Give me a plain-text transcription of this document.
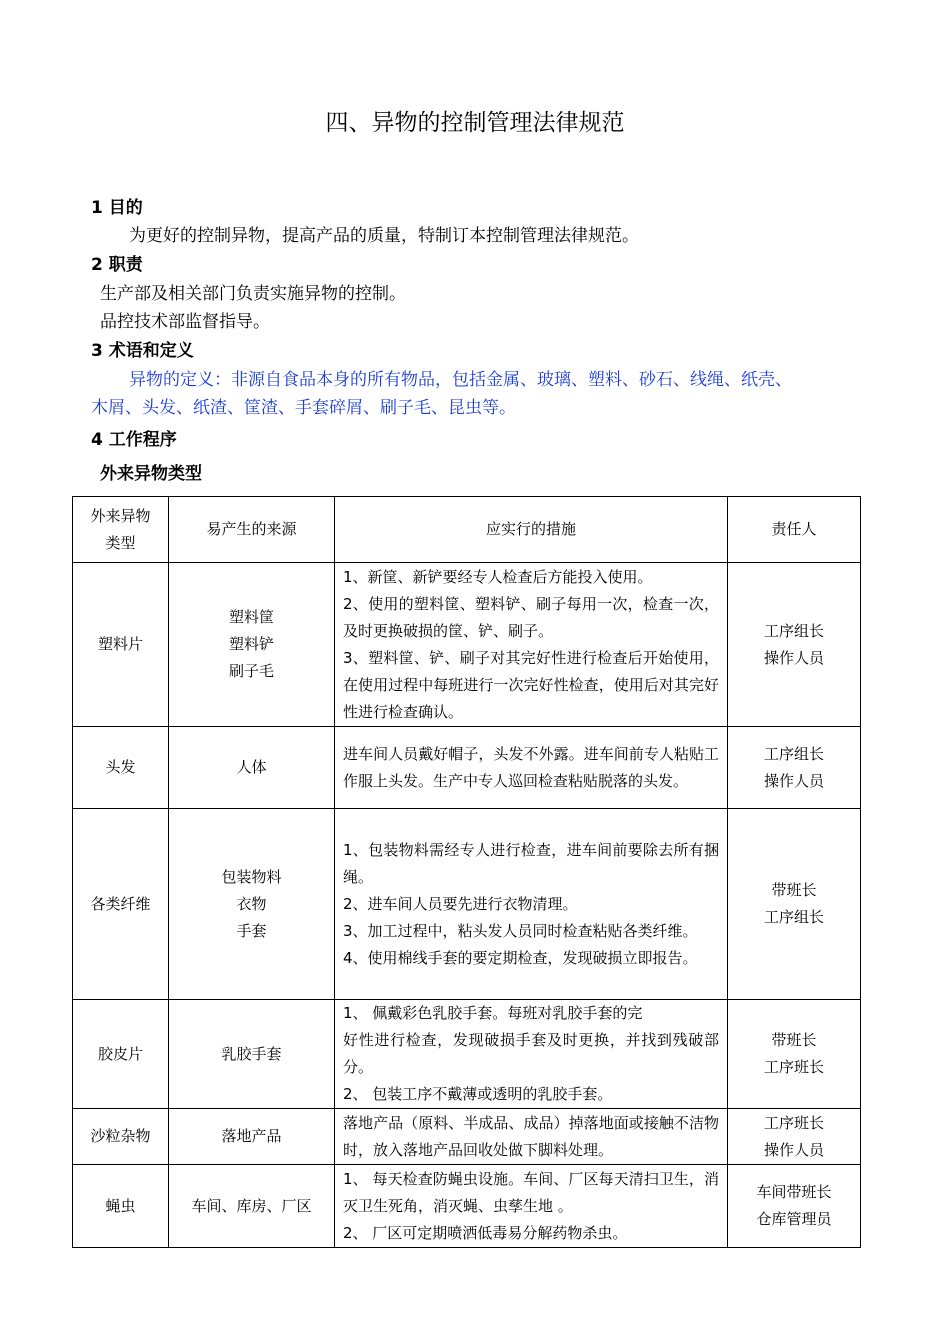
四、异物的控制管理法律规范
1 目的
为更好的控制异物，提高产品的质量，特制订本控制管理法律规范。
2 职责
生产部及相关部门负责实施异物的控制。
品控技术部监督指导。
3 术语和定义
异物的定义：非源自食品本身的所有物品，包括金属、玻璃、塑料、砂石、线绳、纸壳、
木屑、头发、纸渣、筐渣、手套碎屑、刷子毛、昆虫等。
4 工作程序
外来异物类型
外来异物
类型	易产生的来源	应实行的措施	责任人
塑料片	塑料筐
塑料铲
刷子毛	1、新筐、新铲要经专人检查后方能投入使用。
2、使用的塑料筐、塑料铲、刷子每用一次，检查一次，及时更换破损的筐、铲、刷子。
3、塑料筐、铲、刷子对其完好性进行检查后开始使用，在使用过程中每班进行一次完好性检查，使用后对其完好性进行检查确认。	工序组长
操作人员

头发	人体	进车间人员戴好帽子，头发不外露。进车间前专人粘贴工作服上头发。生产中专人巡回检查粘贴脱落的头发。	工序组长
操作人员

各类纤维	包装物料
衣物
手套	1、包装物料需经专人进行检查，进车间前要除去所有捆绳。
2、进车间人员要先进行衣物清理。
3、加工过程中，粘头发人员同时检查粘贴各类纤维。
4、使用棉线手套的要定期检查，发现破损立即报告。	带班长
工序组长

胶皮片	乳胶手套	1、 佩戴彩色乳胶手套。每班对乳胶手套的完
好性进行检查，发现破损手套及时更换，并找到残破部分。
2、 包装工序不戴薄或透明的乳胶手套。	带班长
工序班长

沙粒杂物	落地产品	落地产品（原料、半成品、成品）掉落地面或接触不洁物时，放入落地产品回收处做下脚料处理。	工序班长
操作人员

蝇虫	车间、库房、厂区	1、 每天检查防蝇虫设施。车间、厂区每天清扫卫生，消灭卫生死角，消灭蝇、虫孳生地 。
2、 厂区可定期喷洒低毒易分解药物杀虫。	车间带班长
仓库管理员
